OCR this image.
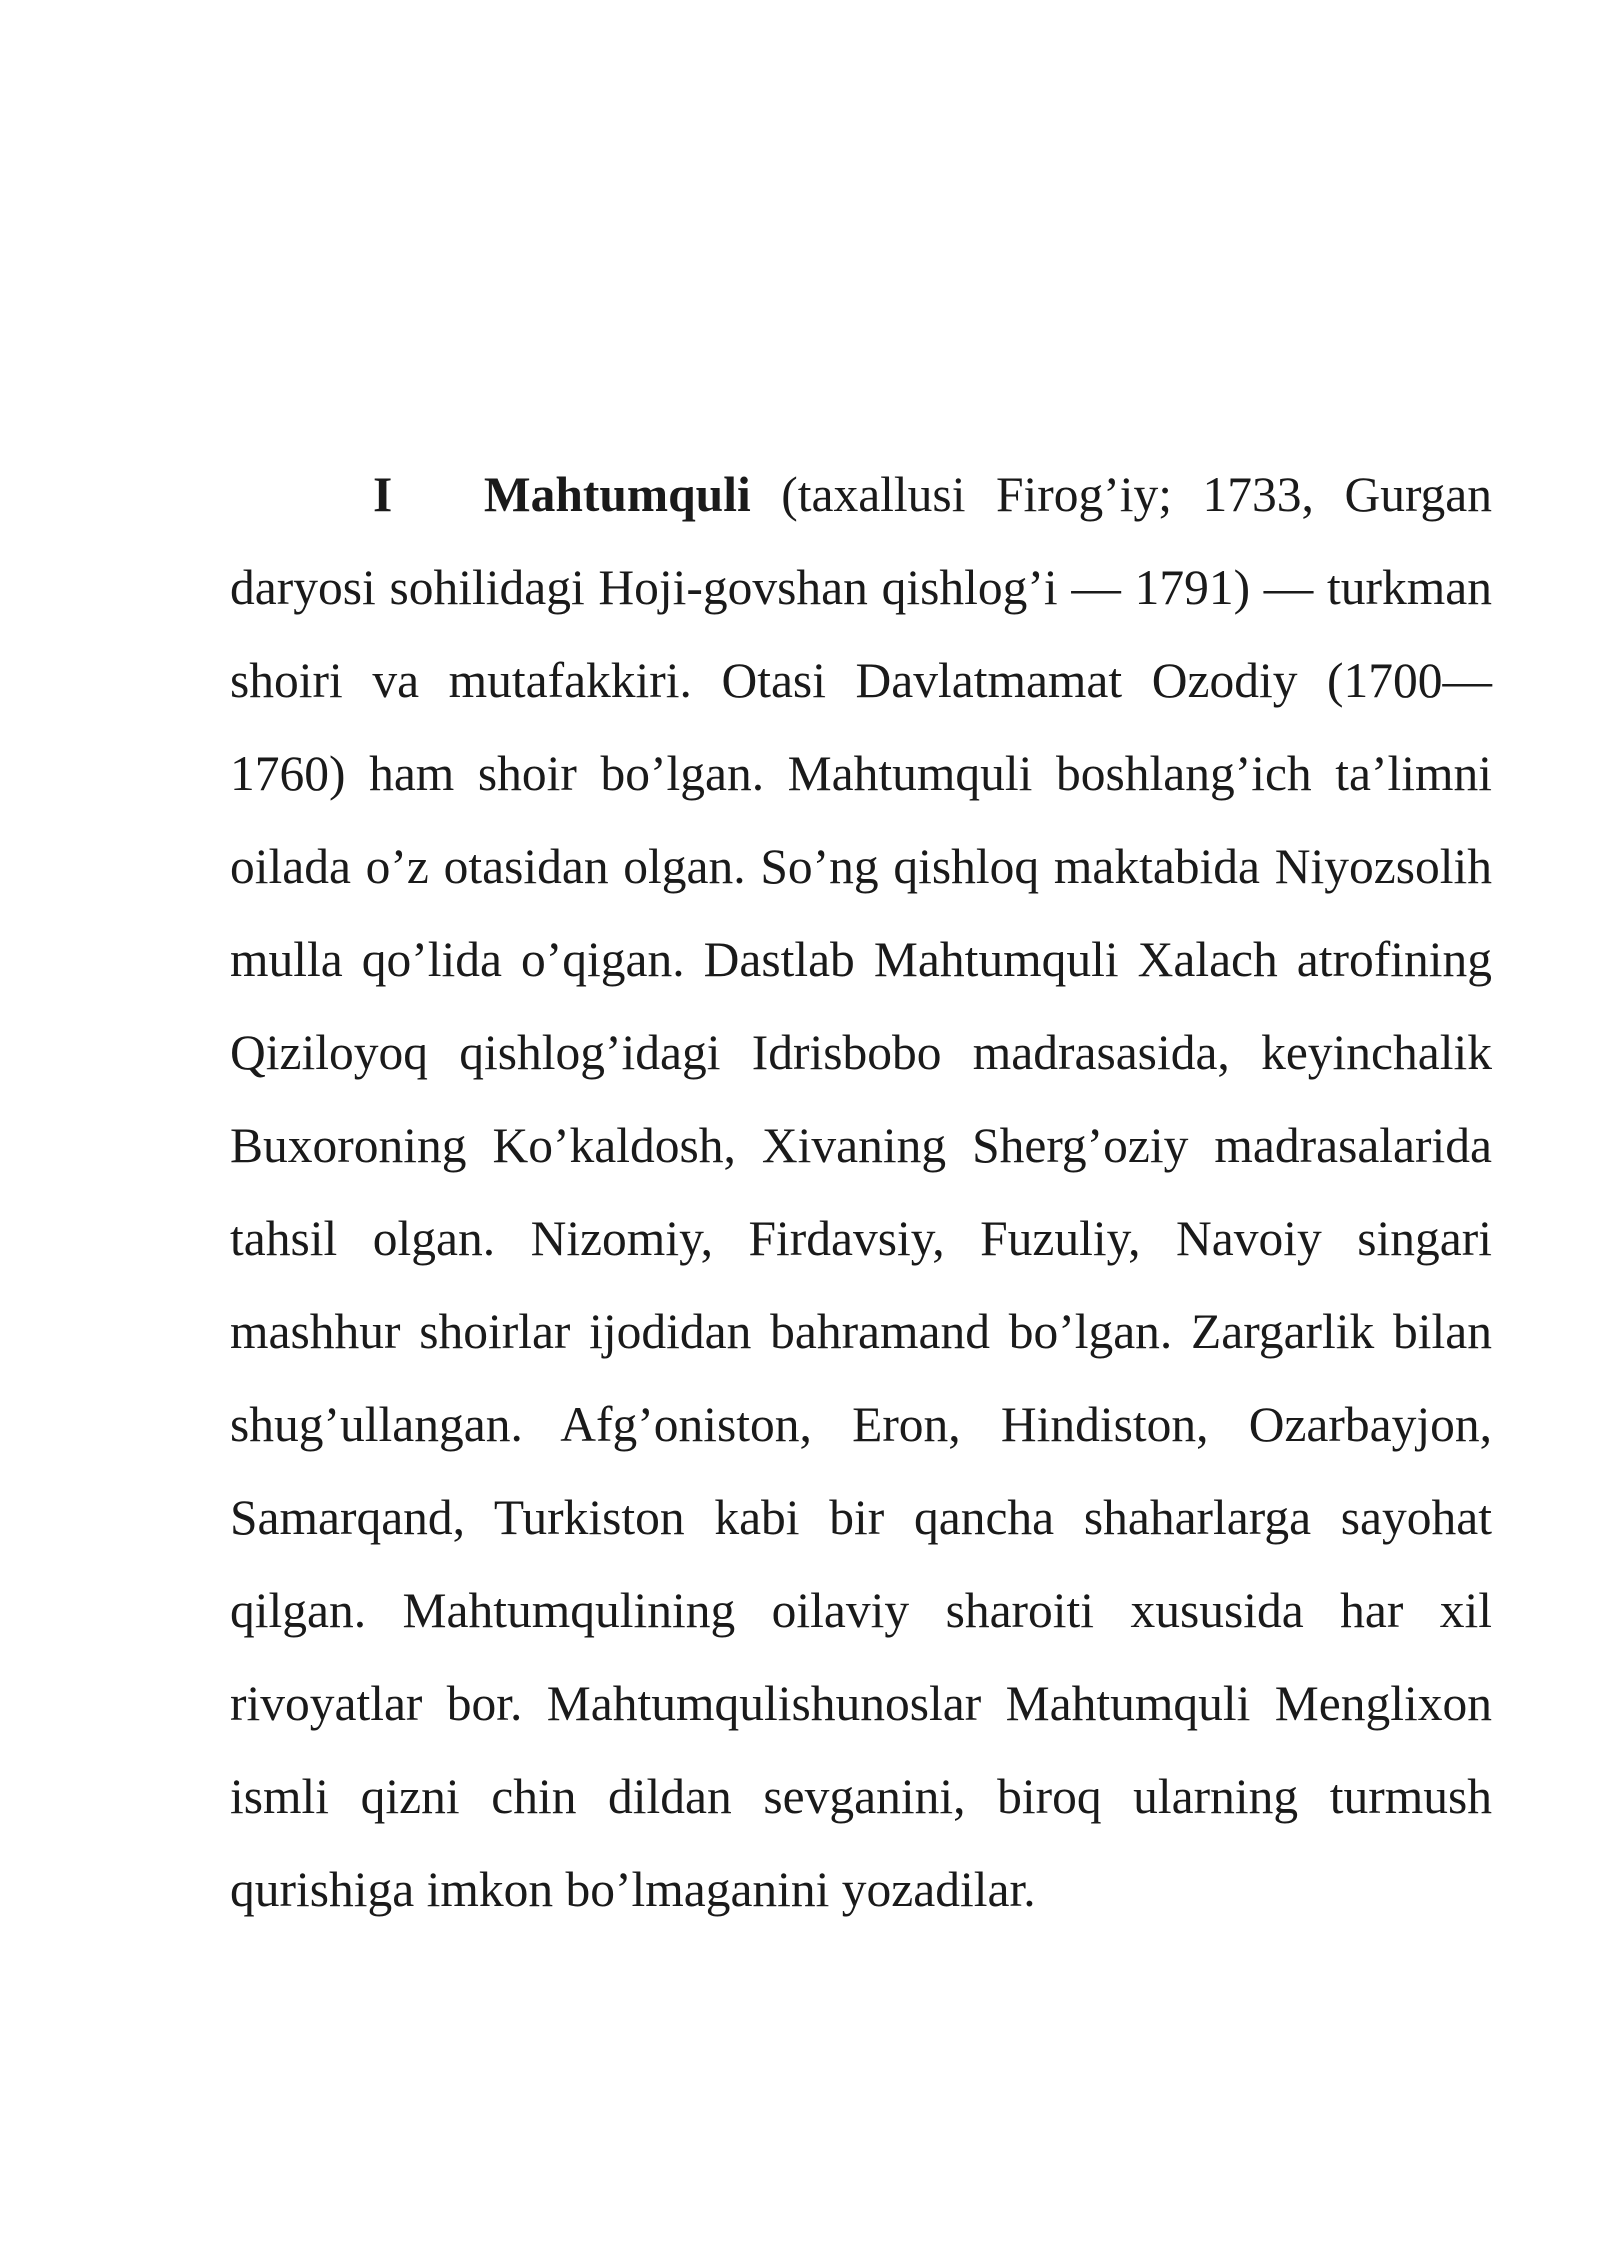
I Mahtumquli (taxallusi Firog’iy; 1733, Gurgan daryosi sohilidagi Hoji-govshan qishlog’i — 1791) — turkman shoiri va mutafakkiri. Otasi Davlatmamat Ozodiy (1700—1760) ham shoir bo’lgan. Mahtumquli boshlang’ich ta’limni oilada o’z otasidan olgan. So’ng qishloq maktabida Niyozsolih mulla qo’lida o’qigan. Dastlab Mahtumquli Xalach atrofining Qiziloyoq qishlog’idagi Idrisbobo madrasasida, keyinchalik Buxoroning Ko’kaldosh, Xivaning Sherg’oziy madrasalarida tahsil olgan. Nizomiy, Firdavsiy, Fuzuliy, Navoiy singari mashhur shoirlar ijodidan bahramand bo’lgan. Zargarlik bilan shug’ullangan. Afg’oniston, Eron, Hindiston, Ozarbayjon, Samarqand, Turkiston kabi bir qancha shaharlarga sayohat qilgan. Mahtumqulining oilaviy sharoiti xususida har xil rivoyatlar bor. Mahtumqulishunoslar Mahtumquli Menglixon ismli qizni chin dildan sevganini, biroq ularning turmush qurishiga imkon bo’lmaganini yozadilar.
